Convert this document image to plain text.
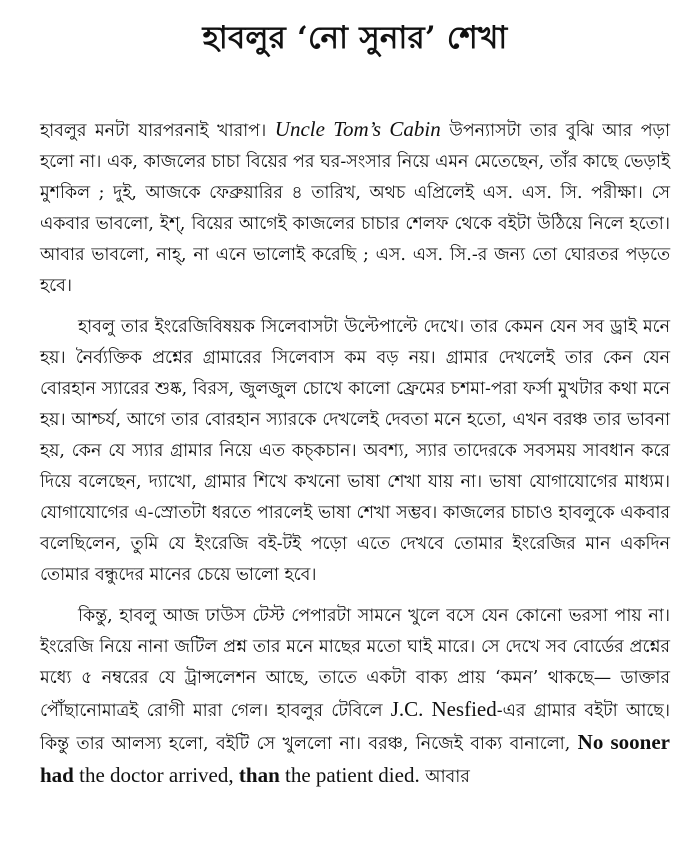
হাবলুর ‘নো সুনার’ শেখা

হাবলুর মনটা যারপরনাই খারাপ। Uncle Tom’s Cabin উপন্যাসটা তার বুঝি আর পড়া হলো না। এক, কাজলের চাচা বিয়ের পর ঘর-সংসার নিয়ে এমন মেতেছেন, তাঁর কাছে ভেড়াই মুশকিল ; দুই, আজকে ফেব্রুয়ারির ৪ তারিখ, অথচ এপ্রিলেই এস. এস. সি. পরীক্ষা। সে একবার ভাবলো, ইশ্, বিয়ের আগেই কাজলের চাচার শেলফ থেকে বইটা উঠিয়ে নিলে হতো। আবার ভাবলো, নাহ্, না এনে ভালোই করেছি ; এস. এস. সি.-র জন্য তো ঘোরতর পড়তে হবে।

হাবলু তার ইংরেজিবিষয়ক সিলেবাসটা উল্টেপাল্টে দেখে। তার কেমন যেন সব ড্রাই মনে হয়। নৈর্ব্যক্তিক প্রশ্নের গ্রামারের সিলেবাস কম বড় নয়। গ্রামার দেখলেই তার কেন যেন বোরহান স্যারের শুষ্ক, বিরস, জুলজুল চোখে কালো ফ্রেমের চশমা-পরা ফর্সা মুখটার কথা মনে হয়। আশ্চর্য, আগে তার বোরহান স্যারকে দেখলেই দেবতা মনে হতো, এখন বরঞ্চ তার ভাবনা হয়, কেন যে স্যার গ্রামার নিয়ে এত কচ্কচান। অবশ্য, স্যার তাদেরকে সবসময় সাবধান করে দিয়ে বলেছেন, দ্যাখো, গ্রামার শিখে কখনো ভাষা শেখা যায় না। ভাষা যোগাযোগের মাধ্যম। যোগাযোগের এ-স্রোতটা ধরতে পারলেই ভাষা শেখা সম্ভব। কাজলের চাচাও হাবলুকে একবার বলেছিলেন, তুমি যে ইংরেজি বই-টই পড়ো এতে দেখবে তোমার ইংরেজির মান একদিন তোমার বন্ধুদের মানের চেয়ে ভালো হবে।

কিন্তু, হাবলু আজ ঢাউস টেস্ট পেপারটা সামনে খুলে বসে যেন কোনো ভরসা পায় না। ইংরেজি নিয়ে নানা জটিল প্রশ্ন তার মনে মাছের মতো ঘাই মারে। সে দেখে সব বোর্ডের প্রশ্নের মধ্যে ৫ নম্বরের যে ট্রান্সলেশন আছে, তাতে একটা বাক্য প্রায় ‘কমন’ থাকছে— ডাক্তার পৌঁছানোমাত্রই রোগী মারা গেল। হাবলুর টেবিলে J.C. Nesfied-এর গ্রামার বইটা আছে। কিন্তু তার আলস্য হলো, বইটি সে খুললো না। বরঞ্চ, নিজেই বাক্য বানালো, No sooner had the doctor arrived, than the patient died. আবার
